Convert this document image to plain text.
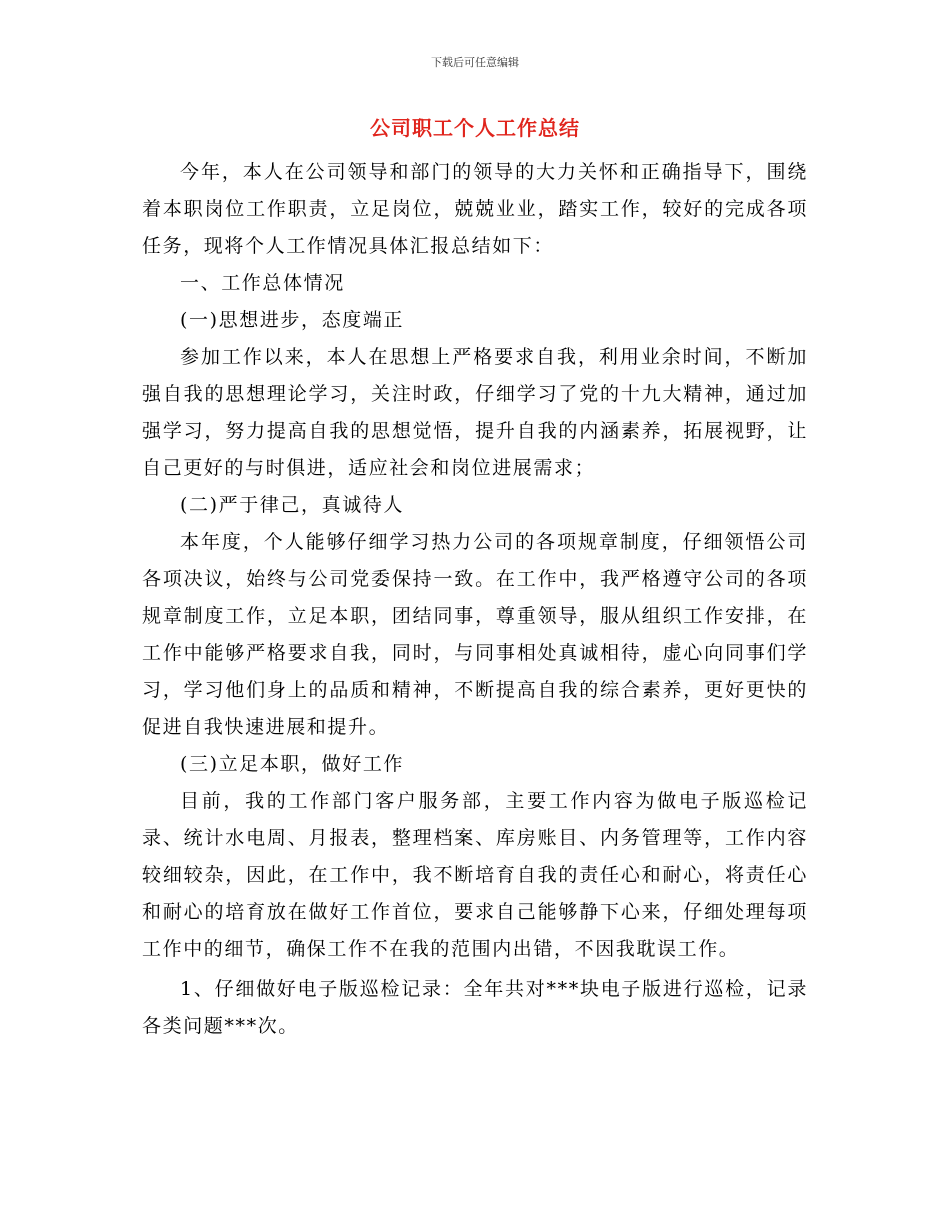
下载后可任意编辑
公司职工个人工作总结

今年，本人在公司领导和部门的领导的大力关怀和正确指导下，围绕着本职岗位工作职责，立足岗位，兢兢业业，踏实工作，较好的完成各项任务，现将个人工作情况具体汇报总结如下：

一、工作总体情况

(一)思想进步，态度端正

参加工作以来，本人在思想上严格要求自我，利用业余时间，不断加强自我的思想理论学习，关注时政，仔细学习了党的十九大精神，通过加强学习，努力提高自我的思想觉悟，提升自我的内涵素养，拓展视野，让自己更好的与时俱进，适应社会和岗位进展需求；

(二)严于律己，真诚待人

本年度，个人能够仔细学习热力公司的各项规章制度，仔细领悟公司各项决议，始终与公司党委保持一致。在工作中，我严格遵守公司的各项规章制度工作，立足本职，团结同事，尊重领导，服从组织工作安排，在工作中能够严格要求自我，同时，与同事相处真诚相待，虚心向同事们学习，学习他们身上的品质和精神，不断提高自我的综合素养，更好更快的促进自我快速进展和提升。

(三)立足本职，做好工作

目前，我的工作部门客户服务部，主要工作内容为做电子版巡检记录、统计水电周、月报表，整理档案、库房账目、内务管理等，工作内容较细较杂，因此，在工作中，我不断培育自我的责任心和耐心，将责任心和耐心的培育放在做好工作首位，要求自己能够静下心来，仔细处理每项工作中的细节，确保工作不在我的范围内出错，不因我耽误工作。

1、仔细做好电子版巡检记录：全年共对***块电子版进行巡检，记录各类问题***次。
